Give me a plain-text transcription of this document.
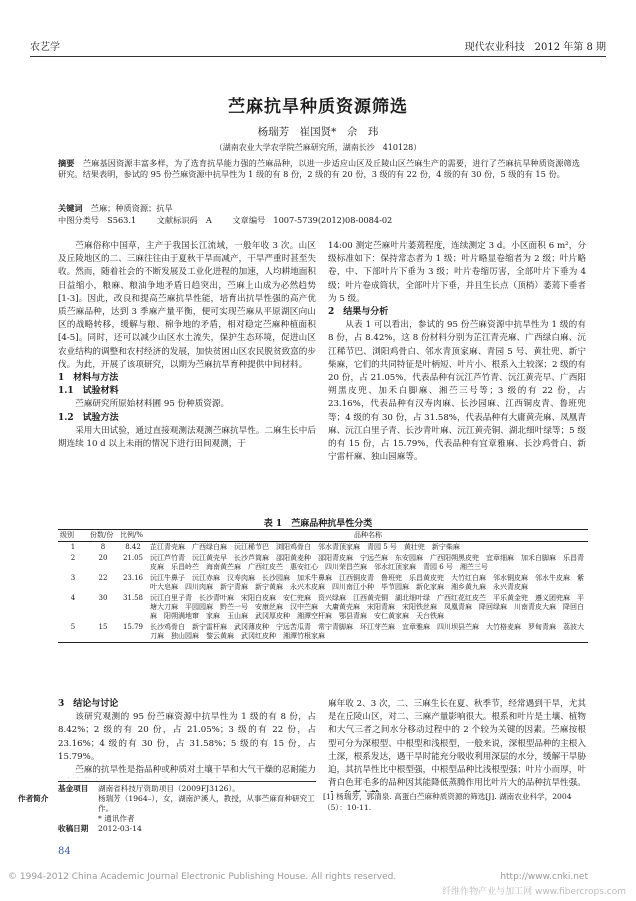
农艺学	现代农业科技　2012 年第 8 期
苎麻抗旱种质资源筛选
杨瑞芳　崔国贤*　佘　玮
（湖南农业大学农学院苎麻研究所，湖南长沙　410128）
摘要　 苎麻基因资源丰富多样，为了选育抗旱能力强的苎麻品种，以进一步适应山区及丘陵山区苎麻生产的需要，进行了苎麻抗旱种质资源筛选研究。结果表明，参试的 95 份苎麻资源中抗旱性为 1 级的有 8 份，2 级的有 20 份，3 级的有 22 份，4 级的有 30 份，5 级的有 15 份。
关键词　 苎麻；种质资源；抗旱
中图分类号　S563.1	文献标识码　A	文章编号　1007-5739(2012)08-0084-02

苎麻俗称中国草，主产于我国长江流域，一般年收 3 次。山区及丘陵地区的二、三麻往往由于夏秋干旱而减产，干旱严重时甚至失收。然而，随着社会的不断发展及工业化进程的加速，人均耕地面积日益缩小，粮麻、粮油争地矛盾日趋突出，苎麻上山成为必然趋势[1-3]。因此，改良和提高苎麻抗旱性能，培育出抗旱性强的高产优质苎麻品种，达到 3 季麻产量平衡，便可实现苎麻从平原湖区向山区的战略转移，缓解与粮、棉争地的矛盾，相对稳定苎麻种植面积[4-5]。同时，还可以减少山区水土流失，保护生态环境，促进山区农业结构的调整和农村经济的发展，加快贫困山区农民脱贫致富的步伐。为此，开展了该项研究，以期为苎麻抗旱育种提供中间材料。

1　材料与方法
1.1　试验材料

苎麻研究所原始材料圃 95 份种质资源。

1.2　试验方法

采用大田试验，通过直接观测法观测苎麻抗旱性。二麻生长中后期连续 10 d 以上未雨的情况下进行田间观测，于

14:00 测定苎麻叶片萎蔫程度，连续测定 3 d。小区面积 6 m²，分级标准如下：保持常态者为 1 级；叶片略显卷缩者为 2 级；叶片略卷，中、下部叶片下垂为 3 级；叶片卷缩厉害，全部叶片下垂为 4 级；叶片卷成筒状，全部叶片下垂，并且生长点（顶梢）萎蔫下垂者为 5 级。

2　结果与分析

从表 1 可以看出，参试的 95 份苎麻资源中抗旱性为 1 级的有 8 份，占 8.42%，这 8 份材料分别为芷江青壳麻、广西绿白麻、沅江稀节巴、浏阳鸡骨白、邻水青顶家麻、青园 5 号、黄壮兜、新宁柴麻，它们的共同特征是叶柄短、叶片小、根系入土较深；2 级的有 20 份，占 21.05%，代表品种有沅江芦竹青、沅江黄壳早、广西阳朔黑皮兜、加禾白脚麻、湘苎三号等；3 级的有 22 份，占 23.16%，代表品种有汉寿肉麻、长沙园麻、江西铜皮青、鲁班兜等；4 级的有 30 份，占 31.58%，代表品种有大庸黄壳麻、凤凰青麻、沅江白里子青、长沙青叶麻、沅江黄壳铜、湖北细叶绿等；5 级的有 15 份，占 15.79%，代表品种有宜章雅麻、长沙鸡骨白、新宁雷杆麻、独山园麻等。

表 1　苎麻品种抗旱性分类
级别	份数/份	比例/%	品种名称
1	8	8.42	芷江青壳麻　广西绿白麻　沅江稀节巴　浏阳鸡骨白　邻水青顶家麻　青园 5 号　黄壮兜　新宁柴麻
2	20	21.05	沅江芦竹青　沅江黄壳早　长沙芦筒麻　邵阳黄麦种　邵阳青皮麻　宁远苎麻　东安园麻　广西阳朔黑皮兜　宜章细麻　加禾白脚麻　乐昌青皮麻　乐昌岭苎　海南黄苎麻　广西红皮苎　惠安红心　四川荣昌苎麻　邻水红顶家麻　青园 6 号　湘苎三号
3	22	23.16	沅江牛鼻子　沅江赤麻　汉寿肉麻　长沙园麻　加禾牛鼻麻　江西铜皮青　鲁班兜　乐昌黄皮兜　大竹红白麻　邻水铜皮麻　邻水牛皮麻　紫叶大皂麻　四川肉麻　新宁青麻　新宁黄麻　永兴木皮麻　四川南江小种　毕节园麻　新化家麻　湘乡黄九麻　永兴青皮麻
4	30	31.58	沅江白里子青　长沙青叶麻　宋阳白皮麻　安仁兜麻　资兴绿麻　江西黄壳铜　湖北细叶绿　广西红花红皮苎　平乐黄金兜　遵义团兜麻　平塘大刀麻　平园园麻　黔苎一号　安康丝麻　汉中苎麻　大庸黄壳麻　宋阳青麻　宋阳铁丝麻　凤凰青麻　降回绿麻　川南青皮大麻　降回白麻　阳朔满地窜　家麻　玉山麻　武冈厚皮种　湘潭空杆麻　鄂县青麻　安仁黄家麻　天台铁麻
5	15	15.79	长沙鸡骨白　新宁雷杆麻　武冈薄皮种　宁远苦瓜青　常宁青脚麻　环江芽苎麻　宜章雅麻　四川坝县苎麻　大竹格麦麻　罗甸青麻　荔波大刀麻　独山园麻　黎云黄麻　武冈红皮种　湘潭竹根家麻
3　结论与讨论

该研究观测的 95 份苎麻资源中抗旱性为 1 级的有 8 份，占 8.42%；2 级的有 20 份，占 21.05%；3 级的有 22 份，占 23.16%；4 级的有 30 份，占 31.58%；5 级的有 15 份，占 15.79%。

苎麻的抗旱性是指品种或种质对土壤干旱和大气干燥的忍耐能力

麻年收 2、3 次，二、三麻生长在夏、秋季节，经常遇到干旱，尤其是在丘陵山区，对二、三麻产量影响很大。根系和叶片是土壤、植物和大气三者之间水分移动过程中的 2 个较为关键的因素。苎麻按根型可分为深根型、中根型和浅根型，一般来说，深根型品种的主根入土深，根系发达，遇干旱时能充分吸收利用深层的水分，缓解干旱胁迫，其抗旱性比中根型强，中根型品种比浅根型强；叶片小而厚，叶背白色茸毛多的品种因其能降低蒸腾作用比叶片大的品种抗旱性强。

[1] 杨瑞芳，郭清泉. 高蛋白苎麻种质资源的筛选[J]. 湖南农业科学，2004（5）：10-11.
基金项目 湖南省科技厅资助项目（2009FJ3126）。
作者简介	杨瑞芳（1964–），女，湖南沪溪人，教授，从事苎麻育种研究工作。
* 通讯作者
收稿日期 2012-03-14
84
© 1994-2012 China Academic Journal Electronic Publishing House. All rights reserved.	http://www.cnki.net
纤维作物产业与加工网 www.fibercrops.com
